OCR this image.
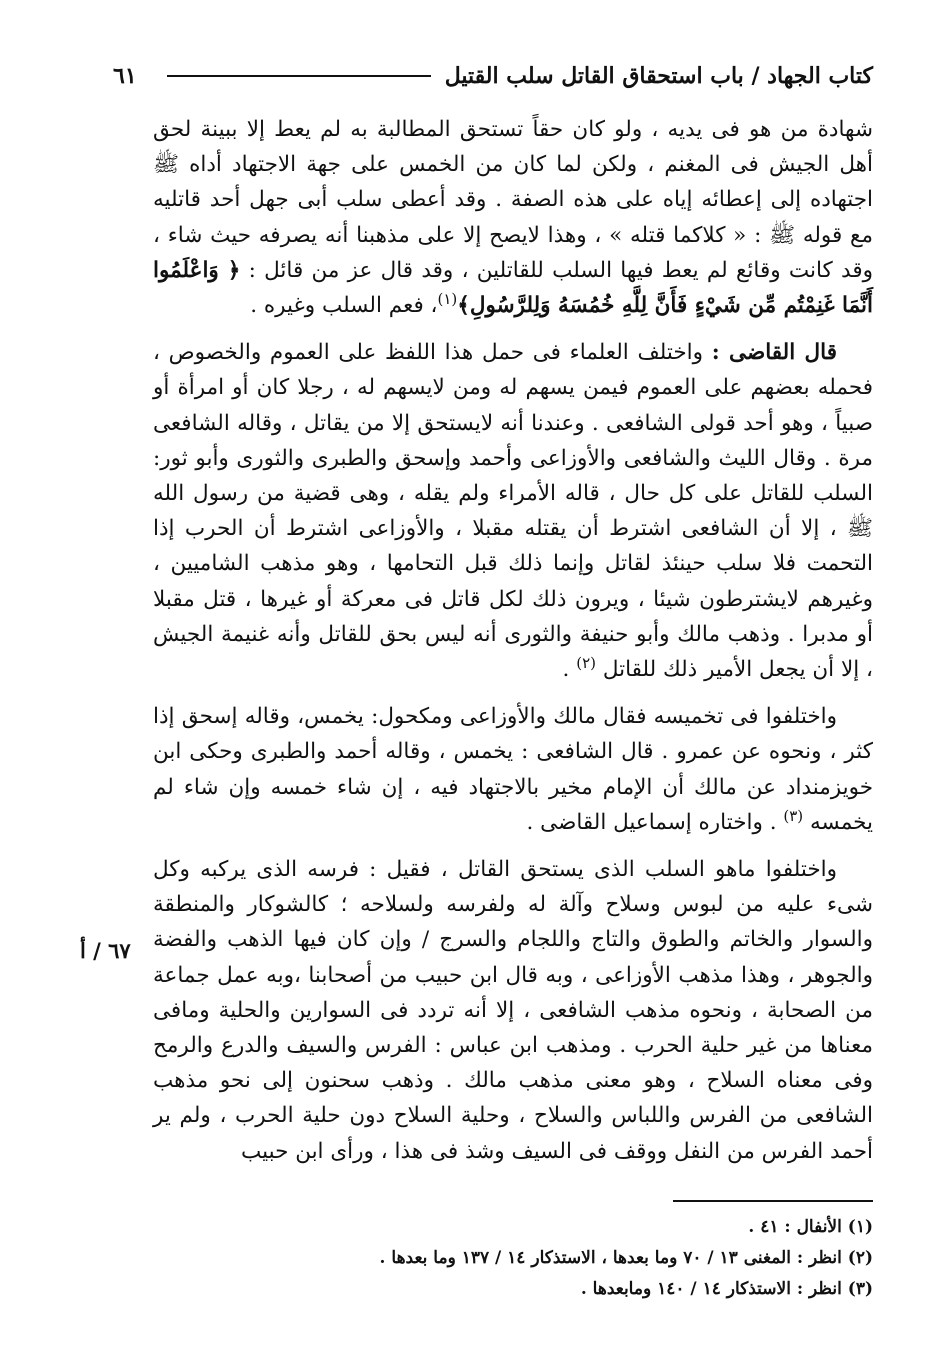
كتاب الجهاد / باب استحقاق القاتل سلب القتيل
٦١

شهادة من هو فى يديه ، ولو كان حقاً تستحق المطالبة به لم يعط إلا ببينة لحق أهل الجيش فى المغنم ، ولكن لما كان من الخمس على جهة الاجتهاد أداه ﷺ اجتهاده إلى إعطائه إياه على هذه الصفة . وقد أعطى سلب أبى جهل أحد قاتليه مع قوله ﷺ : « كلاكما قتله » ، وهذا لايصح إلا على مذهبنا أنه يصرفه حيث شاء ، وقد كانت وقائع لم يعط فيها السلب للقاتلين ، وقد قال عز من قائل : ﴿ وَاعْلَمُوا أَنَّمَا غَنِمْتُم مِّن شَيْءٍ فَأَنَّ لِلَّهِ خُمُسَهُ وَلِلرَّسُولِ﴾$^{(١)}$، فعم السلب وغيره .

قال القاضى : واختلف العلماء فى حمل هذا اللفظ على العموم والخصوص ، فحمله بعضهم على العموم فيمن يسهم له ومن لايسهم له ، رجلا كان أو امرأة أو صبياً ، وهو أحد قولى الشافعى . وعندنا أنه لايستحق إلا من يقاتل ، وقاله الشافعى مرة . وقال الليث والشافعى والأوزاعى وأحمد وإسحق والطبرى والثورى وأبو ثور: السلب للقاتل على كل حال ، قاله الأمراء ولم يقله ، وهى قضية من رسول الله ﷺ ، إلا أن الشافعى اشترط أن يقتله مقبلا ، والأوزاعى اشترط أن الحرب إذا التحمت فلا سلب حينئذ لقاتل وإنما ذلك قبل التحامها ، وهو مذهب الشاميين ، وغيرهم لايشترطون شيئا ، ويرون ذلك لكل قاتل فى معركة أو غيرها ، قتل مقبلا أو مدبرا . وذهب مالك وأبو حنيفة والثورى أنه ليس بحق للقاتل وأنه غنيمة الجيش ، إلا أن يجعل الأمير ذلك للقاتل $^{(٢)}$ .

واختلفوا فى تخميسه فقال مالك والأوزاعى ومكحول: يخمس، وقاله إسحق إذا كثر ، ونحوه عن عمرو . قال الشافعى : يخمس ، وقاله أحمد والطبرى وحكى ابن خويزمنداد عن مالك أن الإمام مخير بالاجتهاد فيه ، إن شاء خمسه وإن شاء لم يخمسه $^{(٣)}$ . واختاره إسماعيل القاضى .

واختلفوا ماهو السلب الذى يستحق القاتل ، فقيل : فرسه الذى يركبه وكل شىء عليه من لبوس وسلاح وآلة له ولفرسه ولسلاحه ؛ كالشوكار والمنطقة والسوار والخاتم والطوق والتاج واللجام والسرج / وإن كان فيها الذهب والفضة والجوهر ، وهذا مذهب الأوزاعى ، وبه قال ابن حبيب من أصحابنا ،وبه عمل جماعة من الصحابة ، ونحوه مذهب الشافعى ، إلا أنه تردد فى السوارين والحلية ومافى معناها من غير حلية الحرب . ومذهب ابن عباس : الفرس والسيف والدرع والرمح وفى معناه السلاح ، وهو معنى مذهب مالك . وذهب سحنون إلى نحو مذهب الشافعى من الفرس واللباس والسلاح ، وحلية السلاح دون حلية الحرب ، ولم ير أحمد الفرس من النفل ووقف فى السيف وشذ فى هذا ، ورأى ابن حبيب

٦٧ / أ

(١) الأنفال : ٤١ .

(٢) انظر : المغنى ١٣ / ٧٠ وما بعدها ، الاستذكار ١٤ / ١٣٧ وما بعدها .

(٣) انظر : الاستذكار ١٤ / ١٤٠ ومابعدها .
